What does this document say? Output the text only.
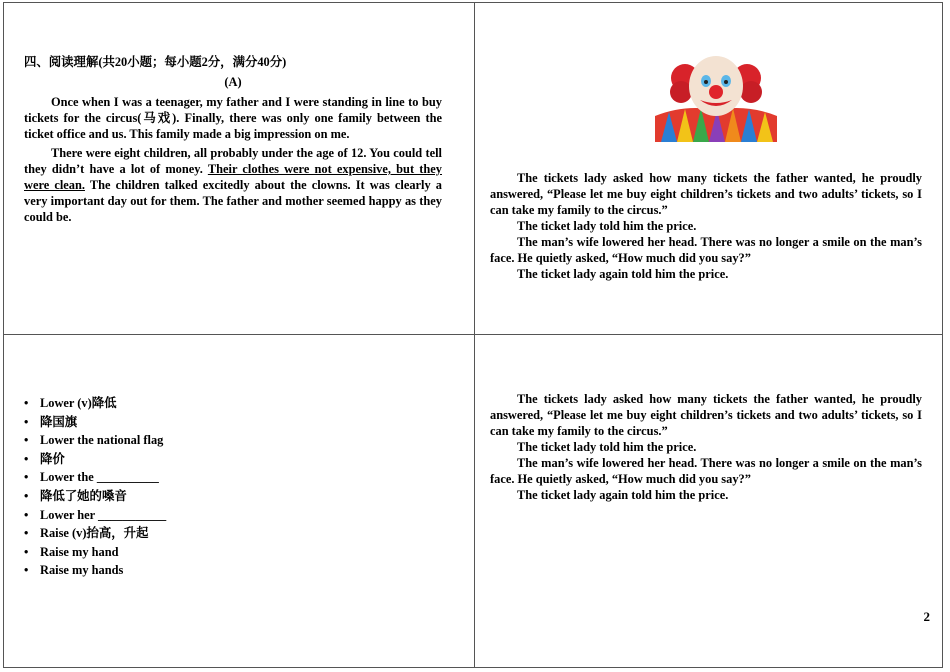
四、阅读理解(共20小题；每小题2分，满分40分)

(A)

Once when I was a teenager, my father and I were standing in line to buy tickets for the circus(马戏). Finally, there was only one family between the ticket office and us. This family made a big impression on me.

There were eight children, all probably under the age of 12. You could tell they didn’t have a lot of money. Their clothes were not expensive, but they were clean. The children talked excitedly about the clowns. It was clearly a very important day out for them. The father and mother seemed happy as they could be.

The tickets lady asked how many tickets the father wanted, he proudly answered, “Please let me buy eight children’s tickets and two adults’ tickets, so I can take my family to the circus.”

The ticket lady told him the price.

The man’s wife lowered her head. There was no longer a smile on the man’s face. He quietly asked, “How much did you say?”

The ticket lady again told him the price.

• Lower (v)降低
• 降国旗
• Lower the national flag
• 降价
• Lower the __________
• 降低了她的嗓音
• Lower her ___________
• Raise (v)抬高，升起
• Raise my hand
• Raise my hands

The tickets lady asked how many tickets the father wanted, he proudly answered, “Please let me buy eight children’s tickets and two adults’ tickets, so I can take my family to the circus.”

The ticket lady told him the price.

The man’s wife lowered her head. There was no longer a smile on the man’s face. He quietly asked, “How much did you say?”

The ticket lady again told him the price.

2
